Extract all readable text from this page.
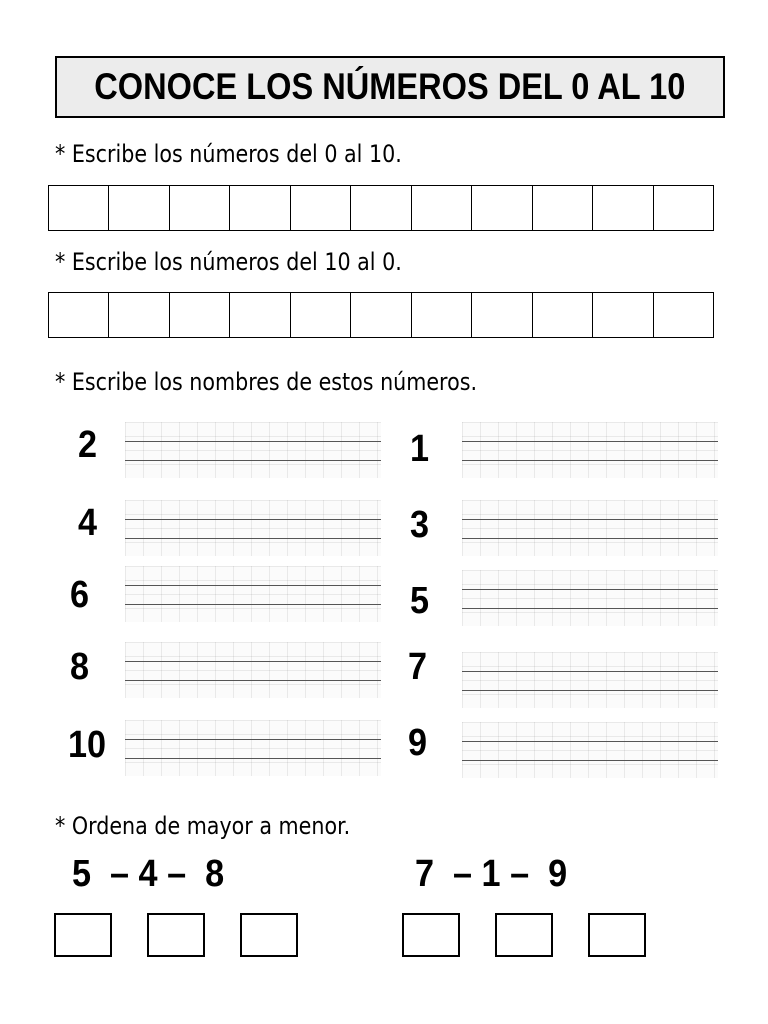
CONOCE LOS NÚMEROS DEL 0 AL 10
* Escribe los números del 0 al 10.
* Escribe los números del 10 al 0.
* Escribe los nombres de estos números.
2	1
4	3
6	5
8	7
10	9
* Ordena de mayor a menor.
5  – 4 –  8	7  – 1 –  9
